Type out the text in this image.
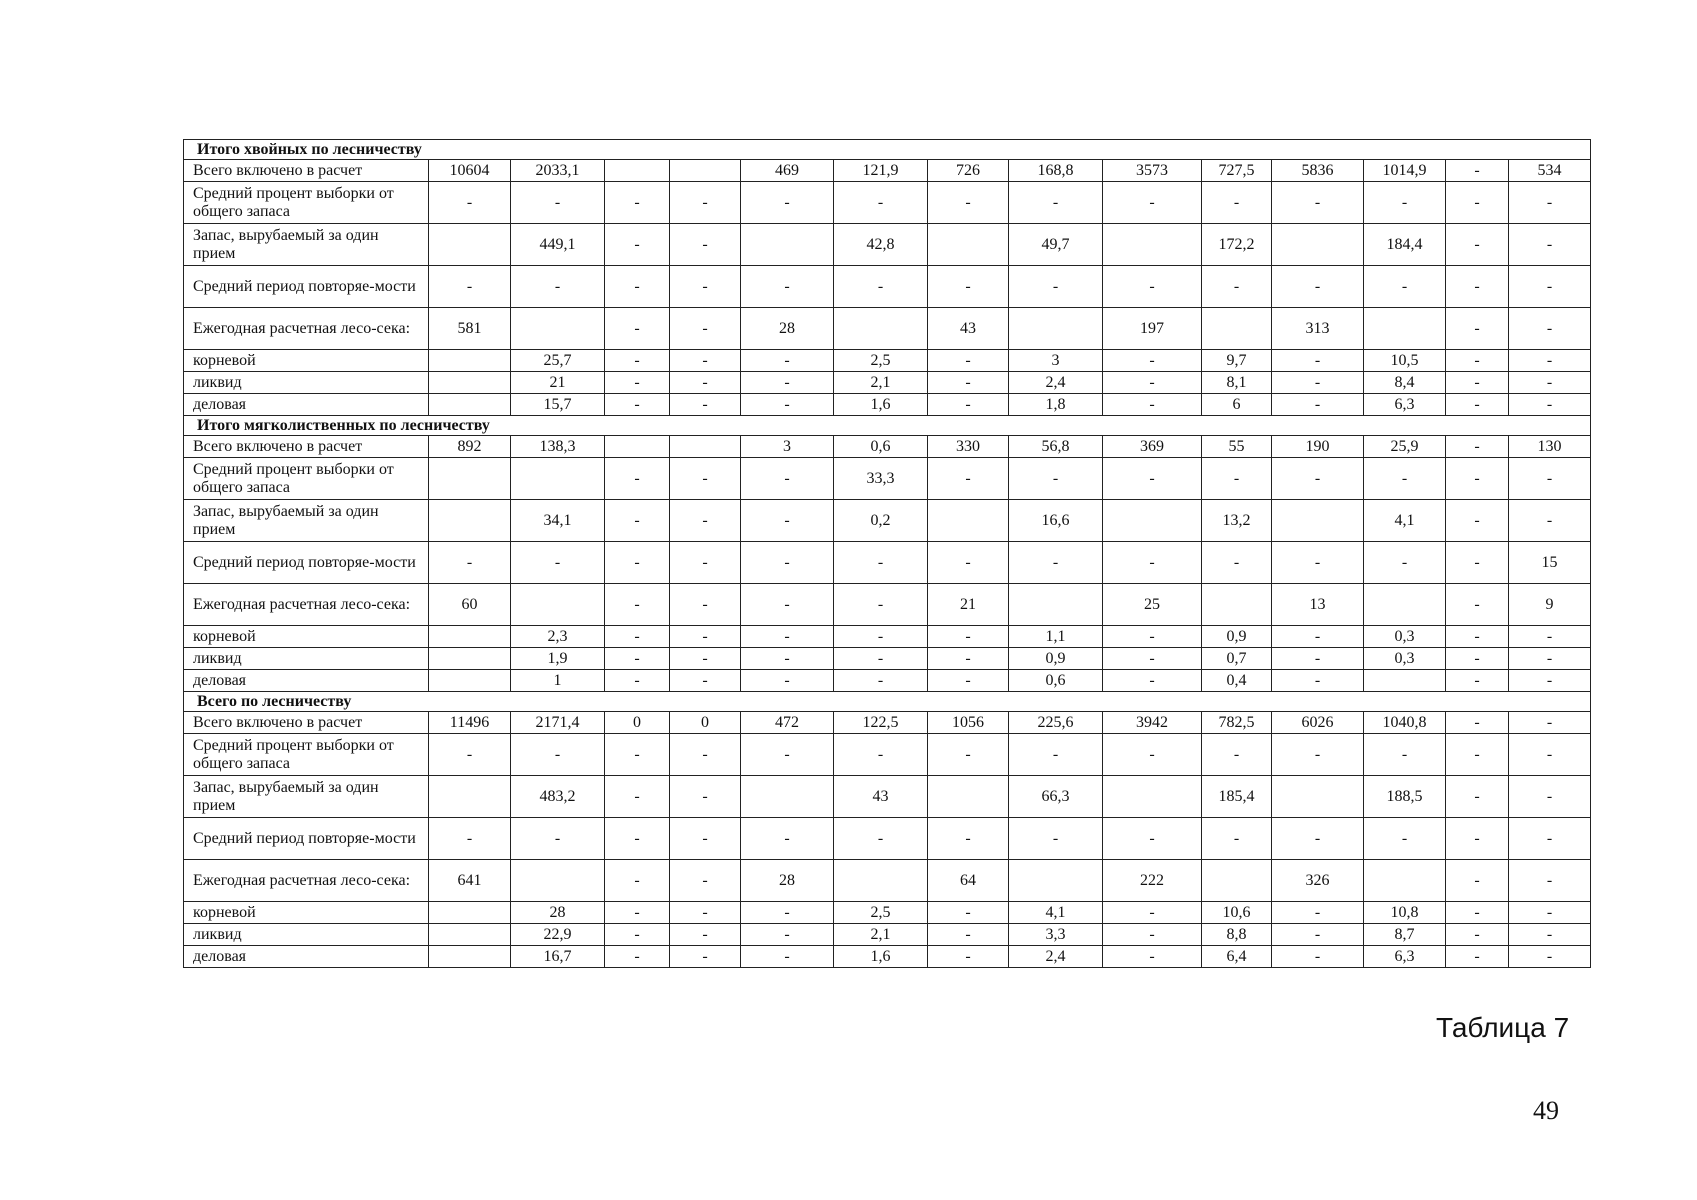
Итого хвойных по лесничеству														
Всего включено в расчет	10604	2033,1			469	121,9	726	168,8	3573	727,5	5836	1014,9	-	534
Средний процент выборки от общего запаса	-	-	-	-	-	-	-	-	-	-	-	-	-	-
Запас, вырубаемый за один прием		449,1	-	-		42,8		49,7		172,2		184,4	-	-
Средний период повторяе-мости	-	-	-	-	-	-	-	-	-	-	-	-	-	-
Ежегодная расчетная лесо-сека:	581		-	-	28		43		197		313		-	-
корневой		25,7	-	-	-	2,5	-	3	-	9,7	-	10,5	-	-
ликвид		21	-	-	-	2,1	-	2,4	-	8,1	-	8,4	-	-
деловая		15,7	-	-	-	1,6	-	1,8	-	6	-	6,3	-	-
Итого мягколиственных по лесничеству														
Всего включено в расчет	892	138,3			3	0,6	330	56,8	369	55	190	25,9	-	130
Средний процент выборки от общего запаса			-	-	-	33,3	-	-	-	-	-	-	-	-
Запас, вырубаемый за один прием		34,1	-	-	-	0,2		16,6		13,2		4,1	-	-
Средний период повторяе-мости	-	-	-	-	-	-	-	-	-	-	-	-	-	15
Ежегодная расчетная лесо-сека:	60		-	-	-	-	21		25		13		-	9
корневой		2,3	-	-	-	-	-	1,1	-	0,9	-	0,3	-	-
ликвид		1,9	-	-	-	-	-	0,9	-	0,7	-	0,3	-	-
деловая		1	-	-	-	-	-	0,6	-	0,4	-		-	-
Всего по лесничеству														
Всего включено в расчет	11496	2171,4	0	0	472	122,5	1056	225,6	3942	782,5	6026	1040,8	-	-
Средний процент выборки от общего запаса	-	-	-	-	-	-	-	-	-	-	-	-	-	-
Запас, вырубаемый за один прием		483,2	-	-		43		66,3		185,4		188,5	-	-
Средний период повторяе-мости	-	-	-	-	-	-	-	-	-	-	-	-	-	-
Ежегодная расчетная лесо-сека:	641		-	-	28		64		222		326		-	-
корневой		28	-	-	-	2,5	-	4,1	-	10,6	-	10,8	-	-
ликвид		22,9	-	-	-	2,1	-	3,3	-	8,8	-	8,7	-	-
деловая		16,7	-	-	-	1,6	-	2,4	-	6,4	-	6,3	-	-
Таблица 7
49
